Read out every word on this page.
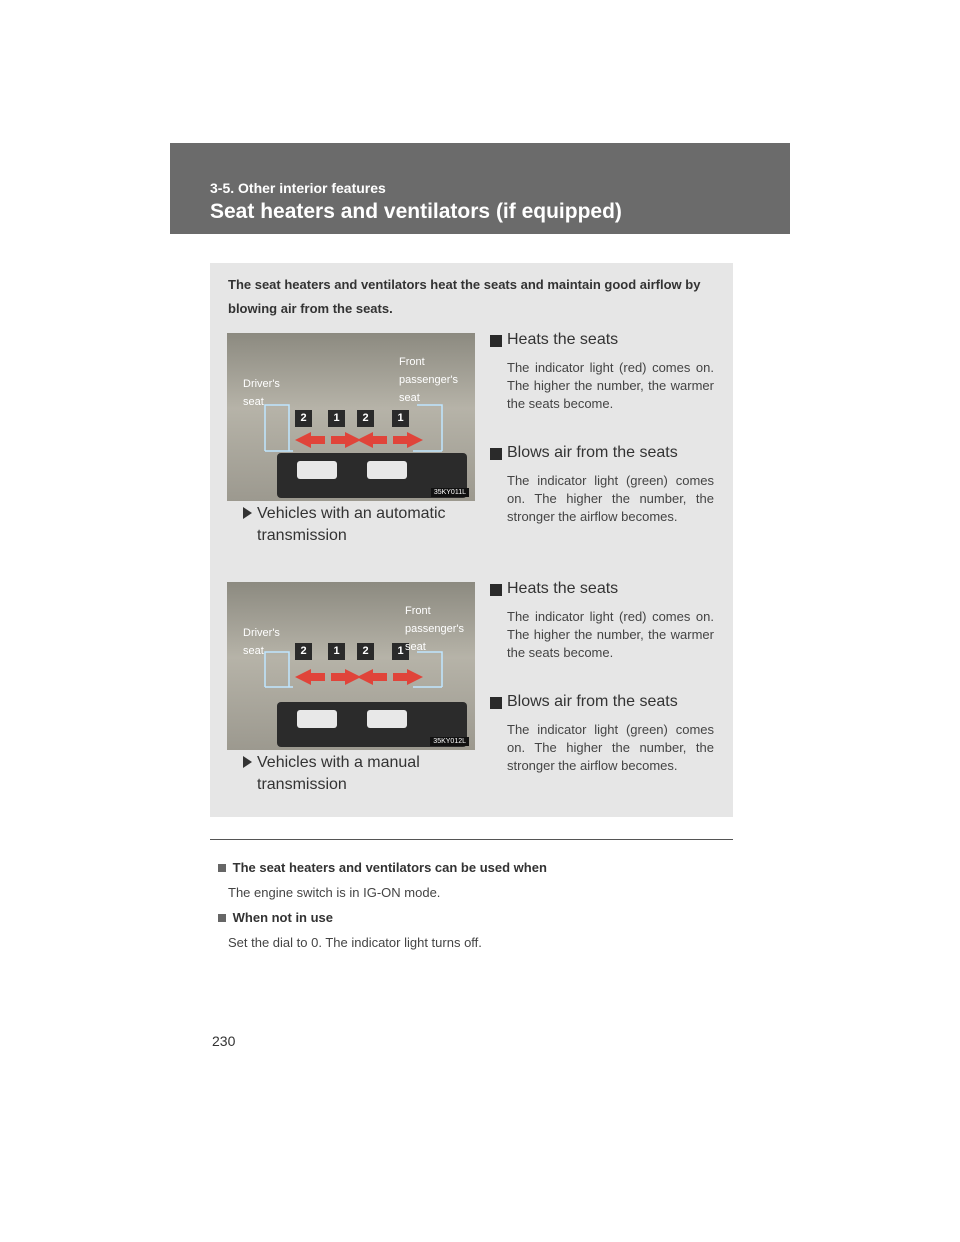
3-5. Other interior features
Seat heaters and ventilators (if equipped)
The seat heaters and ventilators heat the seats and maintain good airflow by blowing air from the seats.
2	1	2	1
Driver's seat
Front passenger's seat
35KY011L
Vehicles with an automatic transmission
Heats the seats
The indicator light (red) comes on. The higher the number, the warmer the seats become.
Blows air from the seats
The indicator light (green) comes on. The higher the number, the stronger the airflow becomes.
2	1	2	1
Driver's seat
Front passenger's seat
35KY012L
Vehicles with a manual transmission
Heats the seats
The indicator light (red) comes on. The higher the number, the warmer the seats become.
Blows air from the seats
The indicator light (green) comes on. The higher the number, the stronger the airflow becomes.
The seat heaters and ventilators can be used when
The engine switch is in IG-ON mode.
When not in use
Set the dial to 0. The indicator light turns off.
230
